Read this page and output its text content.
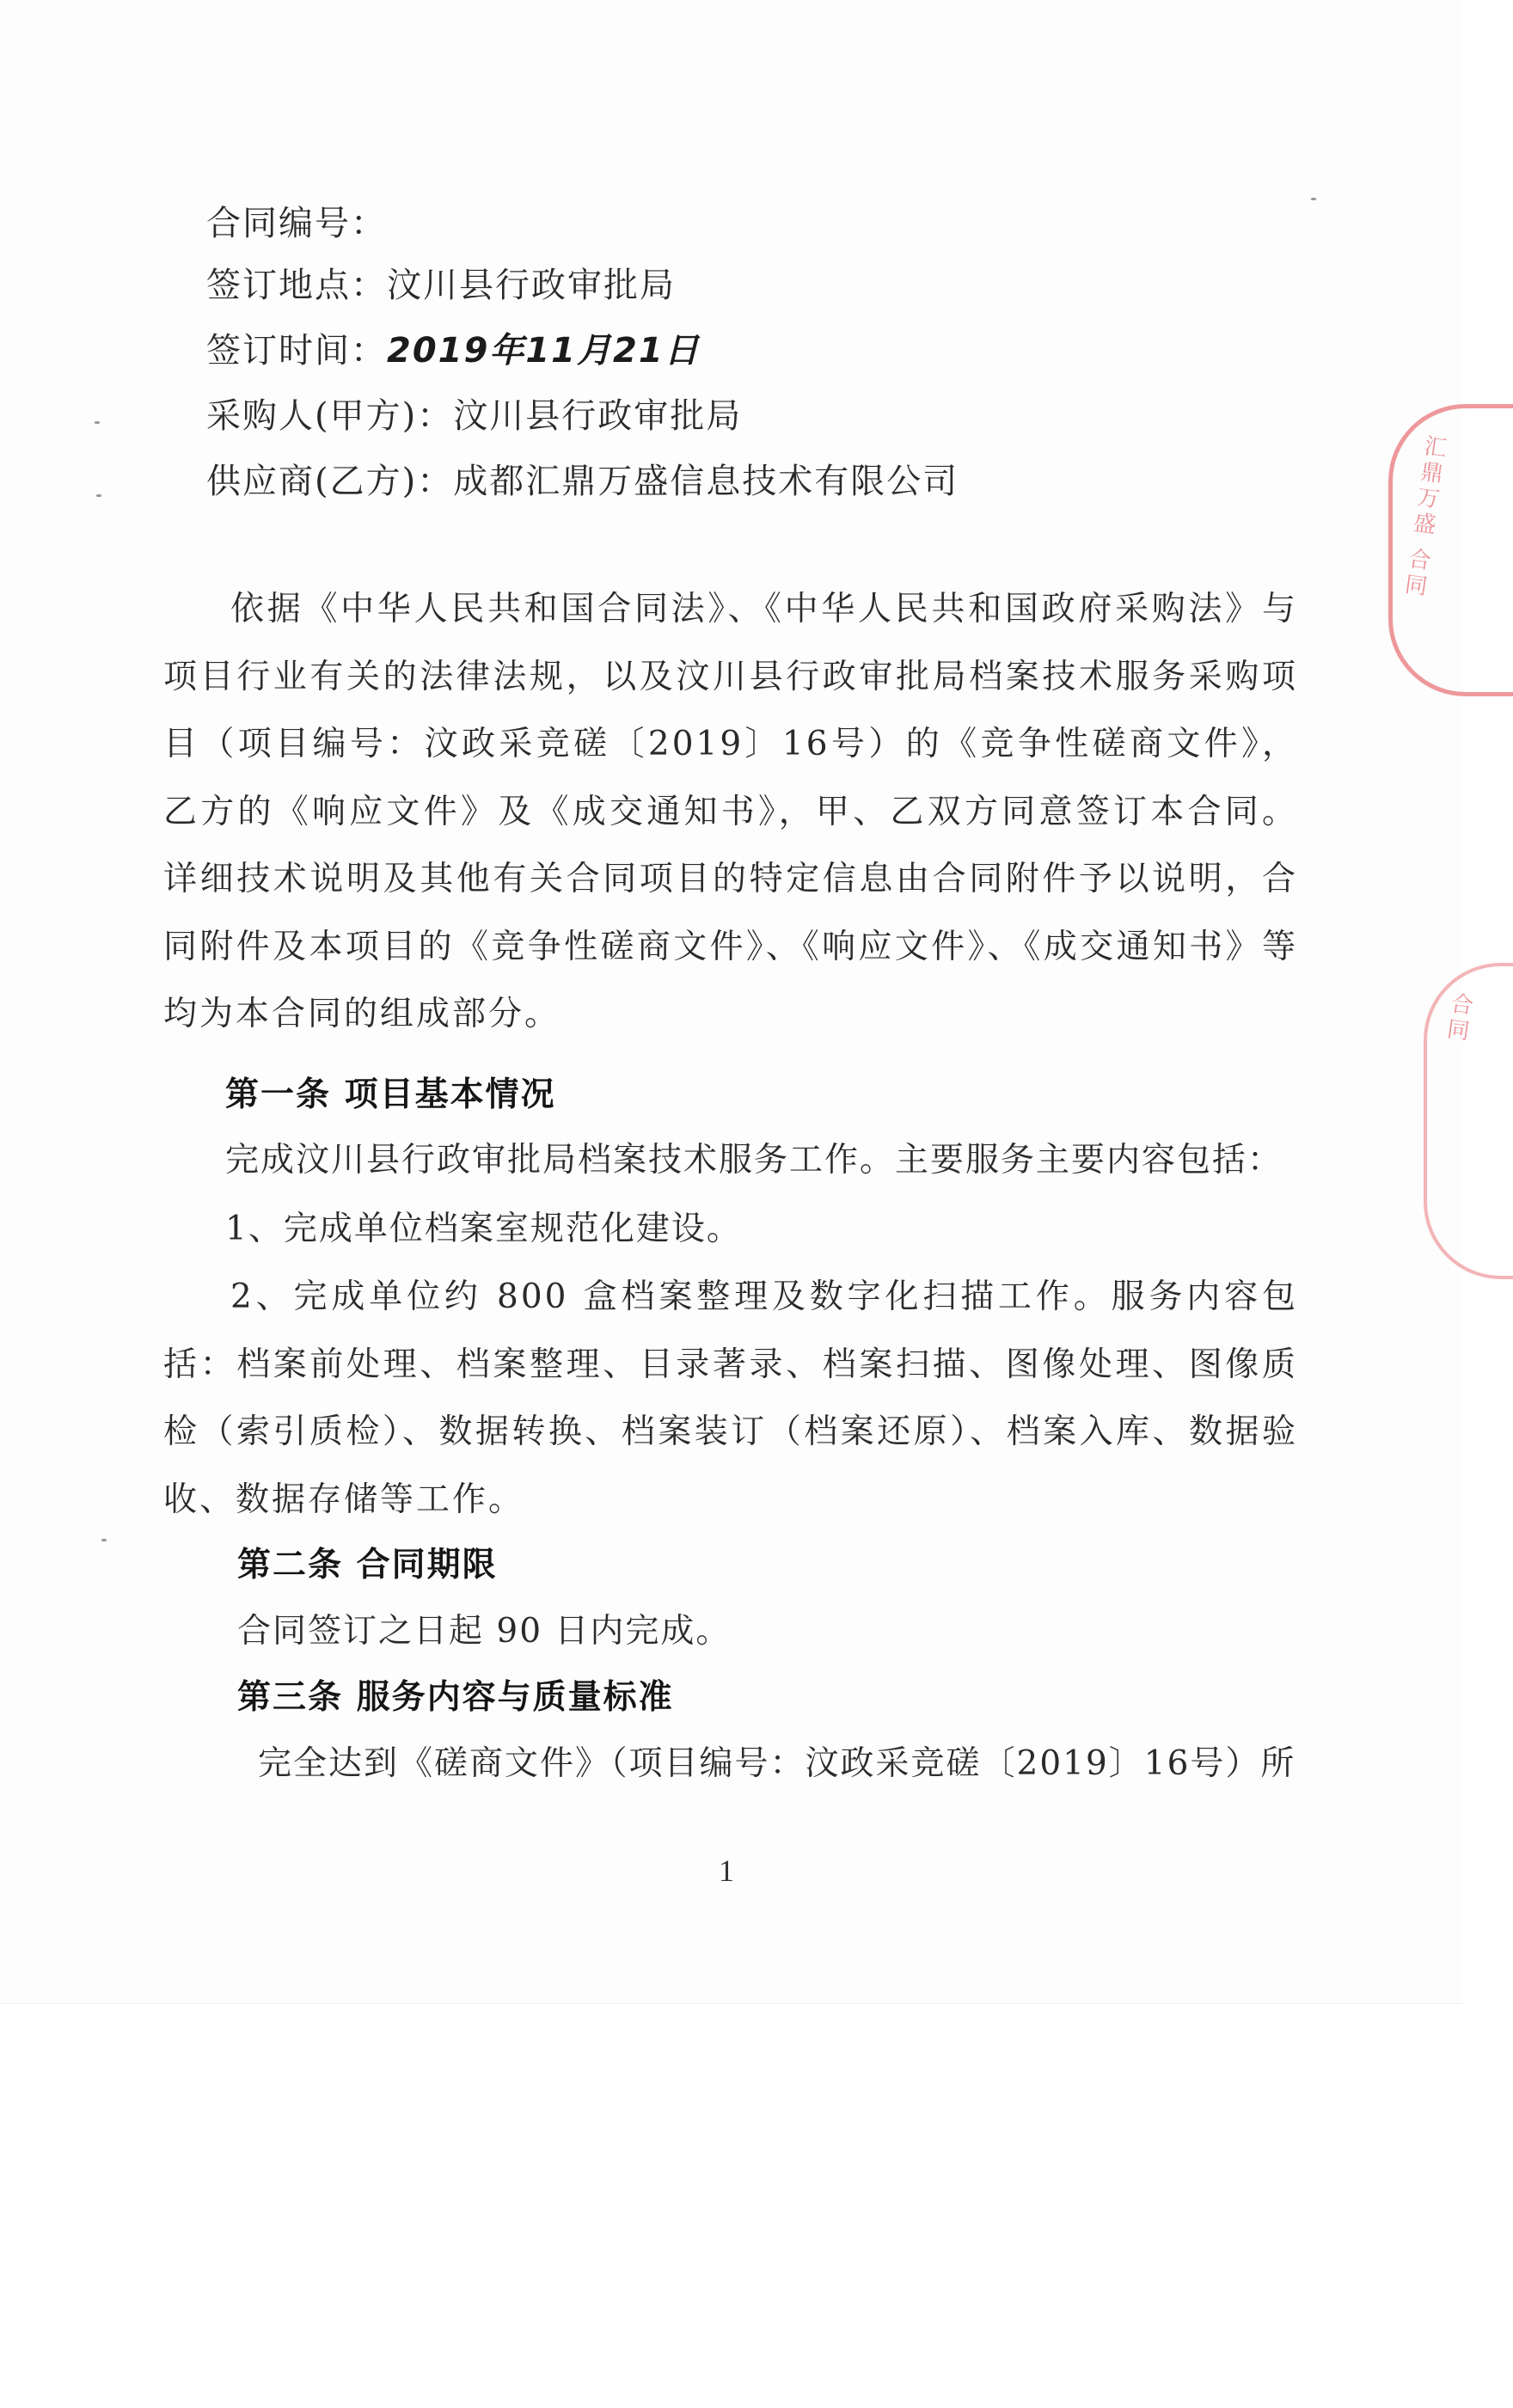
合同编号：
签订地点：汶川县行政审批局
签订时间：2019年11月21日
采购人(甲方)：汶川县行政审批局
供应商(乙方)：成都汇鼎万盛信息技术有限公司

依据《中华人民共和国合同法》、《中华人民共和国政府采购法》与项目行业有关的法律法规，以及汶川县行政审批局档案技术服务采购项目（项目编号：汶政采竞磋〔2019〕16号）的《竞争性磋商文件》，乙方的《响应文件》及《成交通知书》，甲、乙双方同意签订本合同。详细技术说明及其他有关合同项目的特定信息由合同附件予以说明，合同附件及本项目的《竞争性磋商文件》、《响应文件》、《成交通知书》等均为本合同的组成部分。

第一条 项目基本情况
完成汶川县行政审批局档案技术服务工作。主要服务主要内容包括：
1、完成单位档案室规范化建设。

2、完成单位约 800 盒档案整理及数字化扫描工作。服务内容包括：档案前处理、档案整理、目录著录、档案扫描、图像处理、图像质检（索引质检）、数据转换、档案装订（档案还原）、档案入库、数据验收、数据存储等工作。

第二条 合同期限
合同签订之日起 90 日内完成。
第三条 服务内容与质量标准
完全达到《磋商文件》（项目编号：汶政采竞磋〔2019〕16号）所
1
汇鼎万盛 合同
合同
